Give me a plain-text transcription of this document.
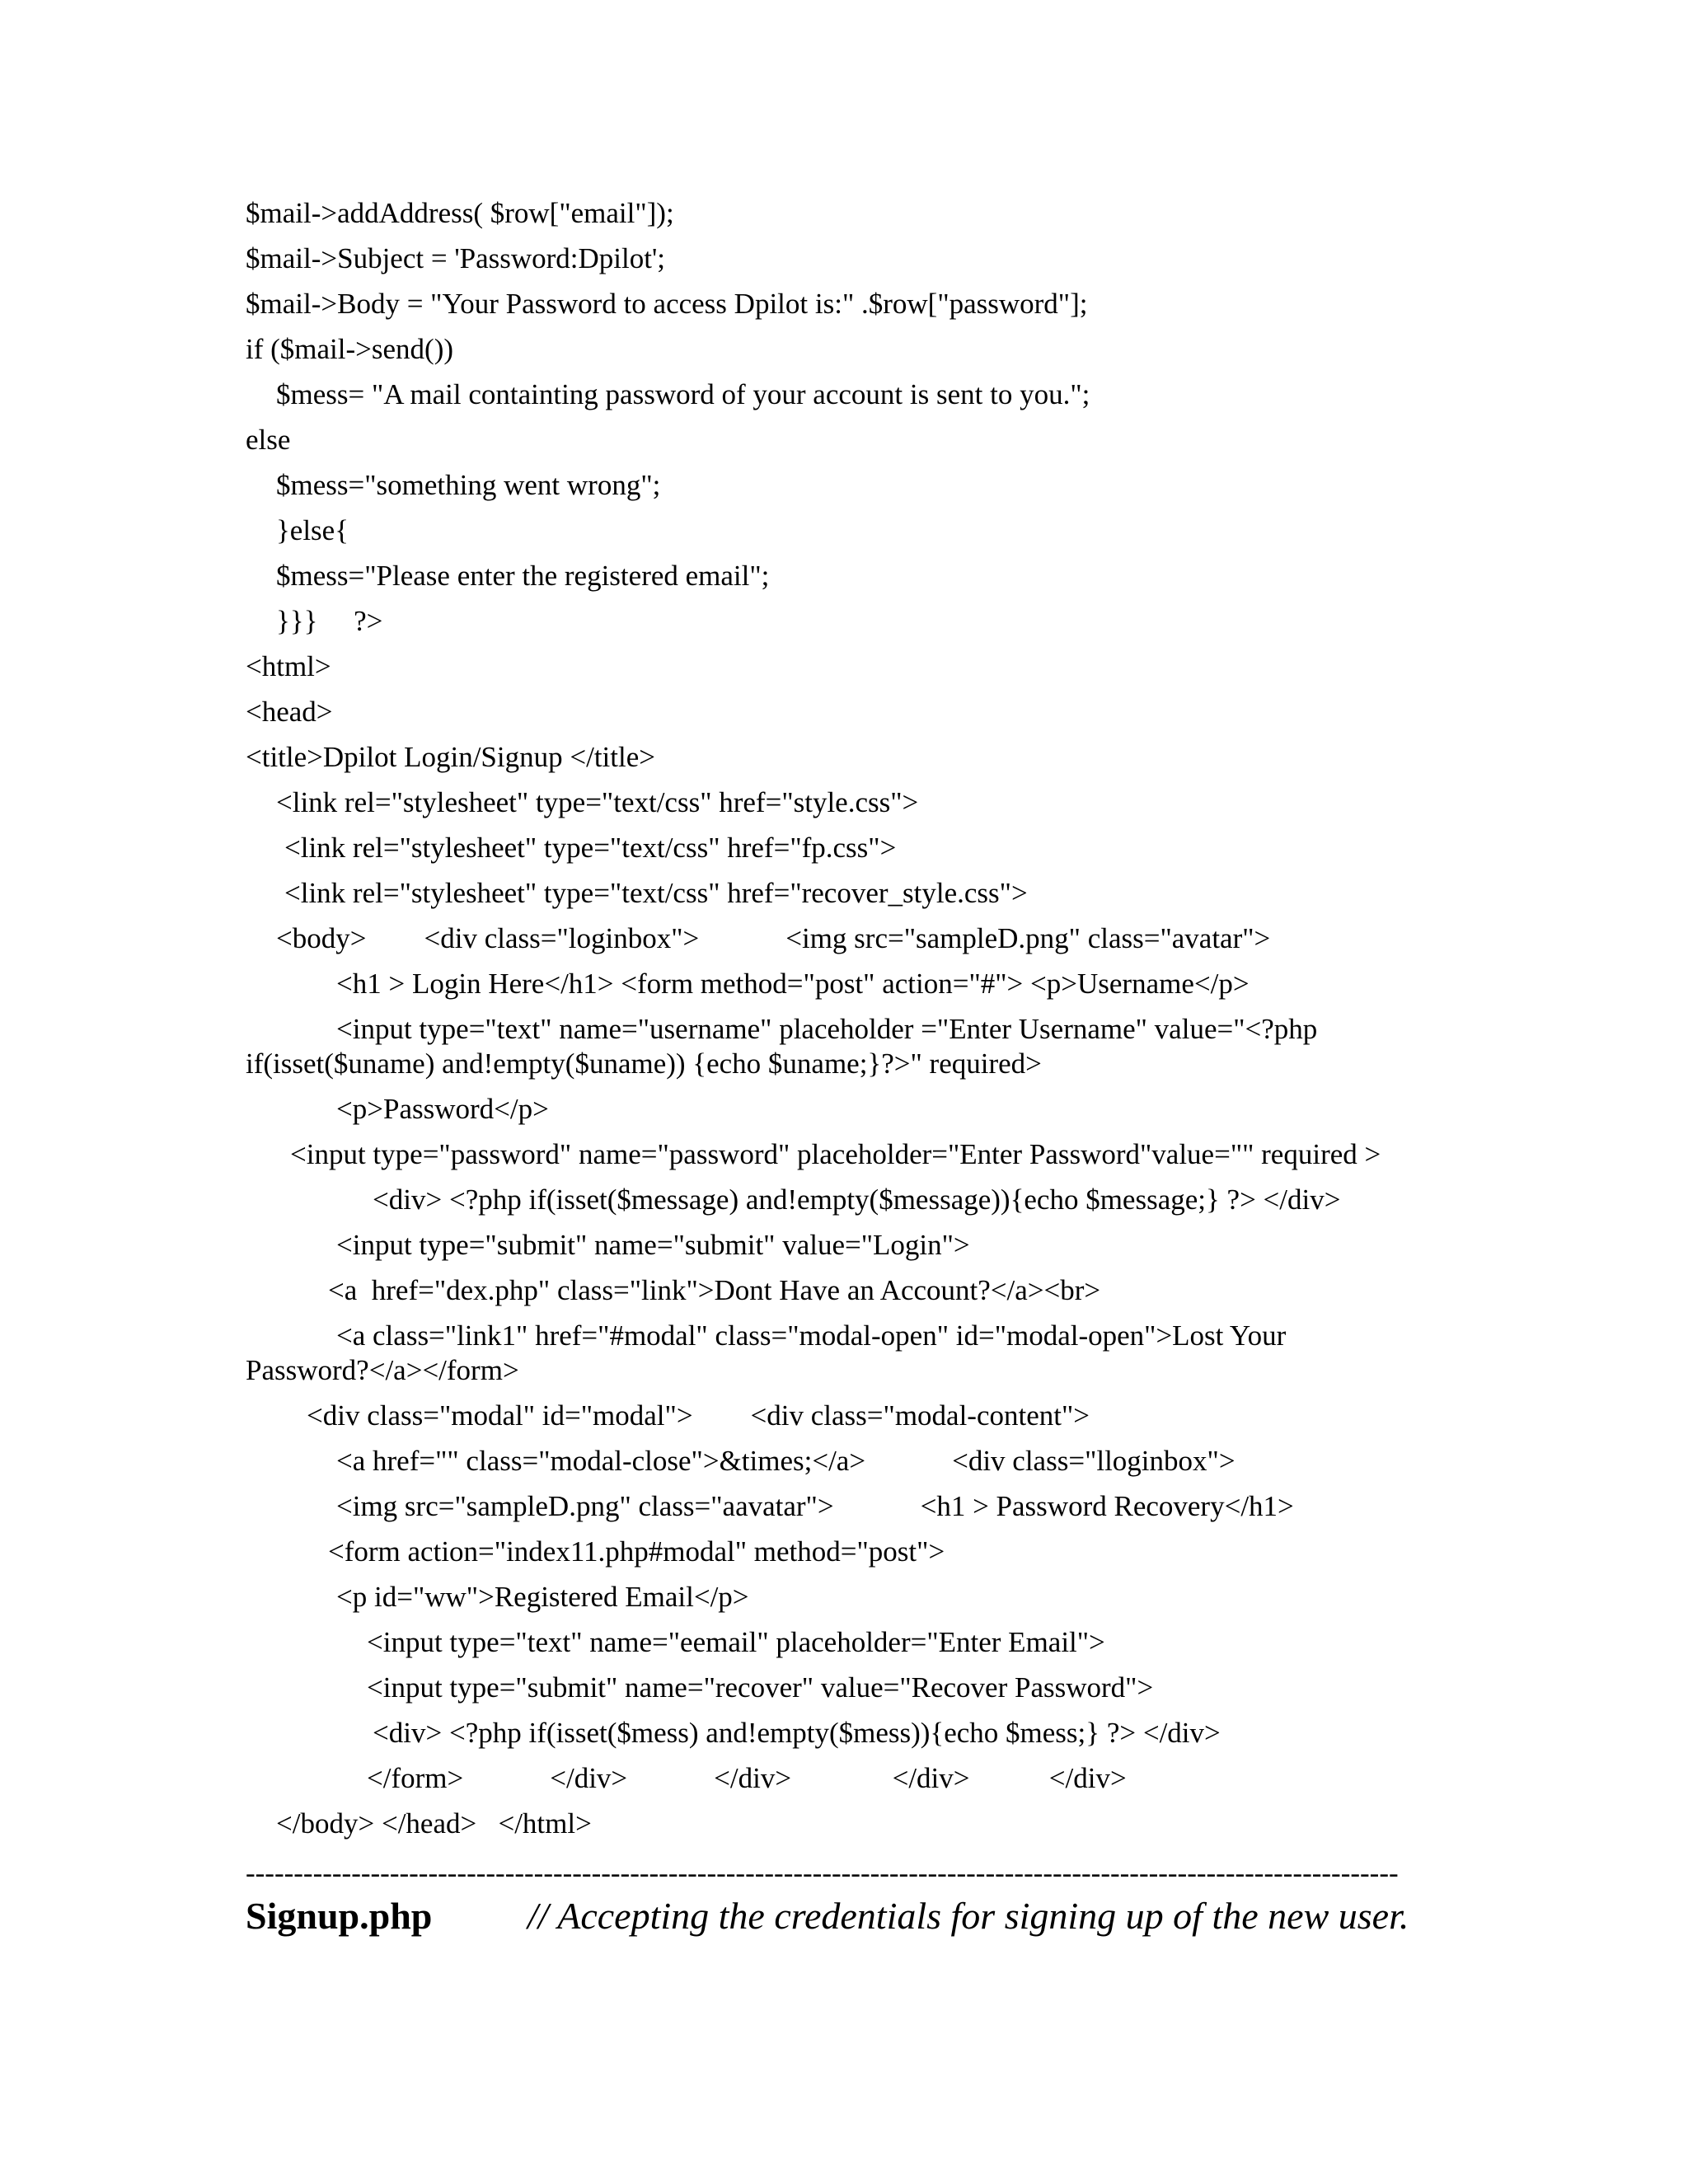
$mail->addAddress( $row["email"]);

$mail->Subject = 'Password:Dpilot';

$mail->Body = "Your Password to access Dpilot is:" .$row["password"];

if ($mail->send())

$mess= "A mail containting password of your account is sent to you.";

else

$mess="something went wrong";

}else{

$mess="Please enter the registered email";

}}}     ?>

<html>

<head>

<title>Dpilot Login/Signup </title>

<link rel="stylesheet" type="text/css" href="style.css">

<link rel="stylesheet" type="text/css" href="fp.css">

<link rel="stylesheet" type="text/css" href="recover_style.css">

<body>        <div class="loginbox">            <img src="sampleD.png" class="avatar">

<h1 > Login Here</h1> <form method="post" action="#"> <p>Username</p>

<input type="text" name="username" placeholder ="Enter Username" value="<?php

if(isset($uname) and!empty($uname)) {echo $uname;}?>" required>

<p>Password</p>

<input type="password" name="password" placeholder="Enter Password"value="" required >

<div> <?php if(isset($message) and!empty($message)){echo $message;} ?> </div>

<input type="submit" name="submit" value="Login">

<a  href="dex.php" class="link">Dont Have an Account?</a><br>

<a class="link1" href="#modal" class="modal-open" id="modal-open">Lost Your

Password?</a></form>

<div class="modal" id="modal">        <div class="modal-content">

<a href="" class="modal-close">&times;</a>            <div class="lloginbox">

<img src="sampleD.png" class="aavatar">            <h1 > Password Recovery</h1>

<form action="index11.php#modal" method="post">

<p id="ww">Registered Email</p>

<input type="text" name="eemail" placeholder="Enter Email">

<input type="submit" name="recover" value="Recover Password">

<div> <?php if(isset($mess) and!empty($mess)){echo $mess;} ?> </div>

</form>            </div>            </div>              </div>           </div>

</body> </head>   </html>

------------------------------------------------------------------------------------------------------------------------

Signup.php	// Accepting the credentials for signing up of the new user.
